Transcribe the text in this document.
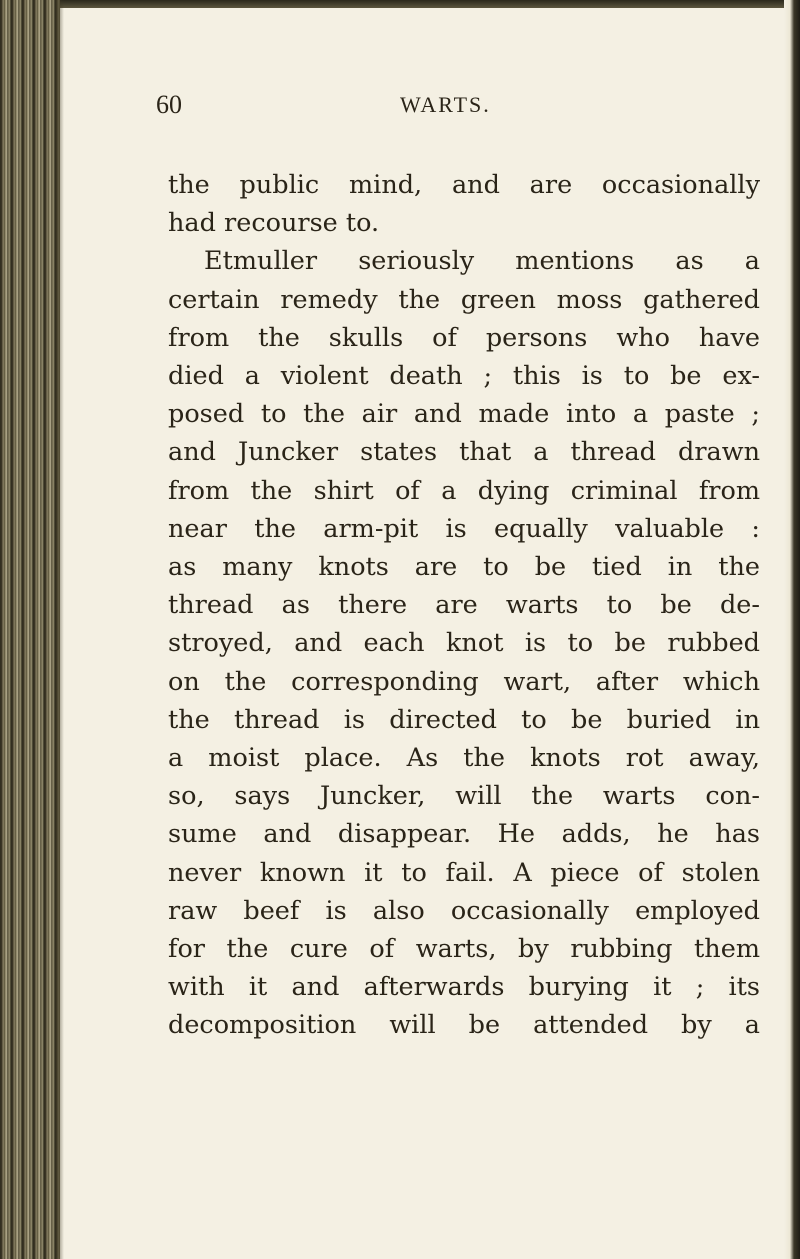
60	WARTS.
the public mind, and are occasionally
had recourse to.
Etmuller seriously mentions as a
certain remedy the green moss gathered
from the skulls of persons who have
died a violent death ; this is to be ex-
posed to the air and made into a paste ;
and Juncker states that a thread drawn
from the shirt of a dying criminal from
near the arm-pit is equally valuable :
as many knots are to be tied in the
thread as there are warts to be de-
stroyed, and each knot is to be rubbed
on the corresponding wart, after which
the thread is directed to be buried in
a moist place. As the knots rot away,
so, says Juncker, will the warts con-
sume and disappear. He adds, he has
never known it to fail. A piece of stolen
raw beef is also occasionally employed
for the cure of warts, by rubbing them
with it and afterwards burying it ; its
decomposition will be attended by a
